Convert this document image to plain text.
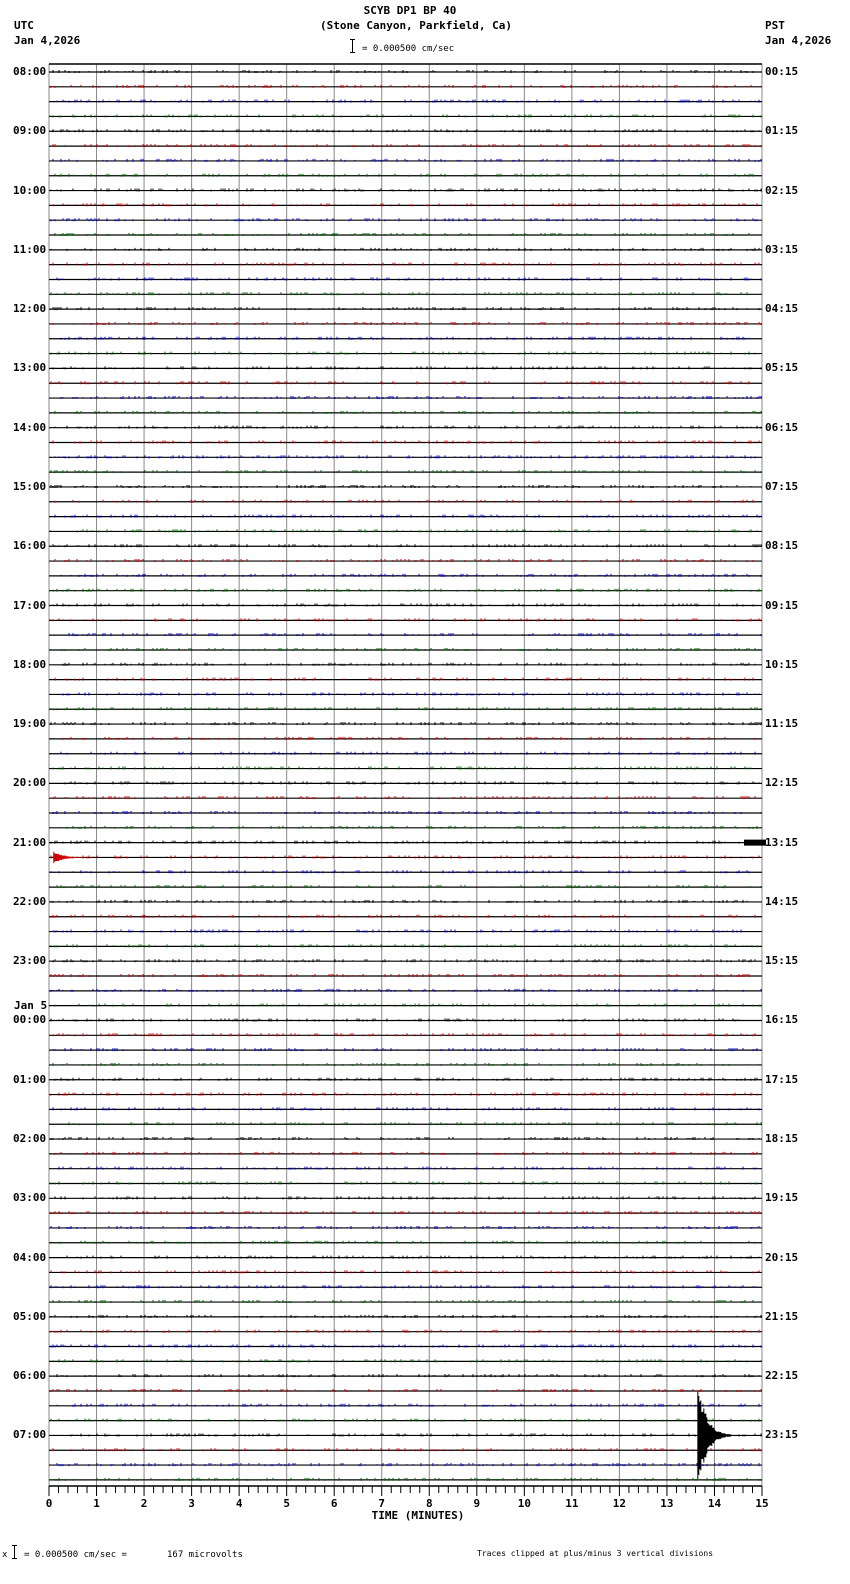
SCYB DP1 BP 40
(Stone Canyon, Parkfield, Ca)
UTC
Jan 4,2026
PST
Jan 4,2026
= 0.000500 cm/sec
08:00
09:00
10:00
11:00
12:00
13:00
14:00
15:00
16:00
17:00
18:00
19:00
20:00
21:00
22:00
23:00
Jan 5
00:00
01:00
02:00
03:00
04:00
05:00
06:00
07:00
00:15
01:15
02:15
03:15
04:15
05:15
06:15
07:15
08:15
09:15
10:15
11:15
12:15
13:15
14:15
15:15
16:15
17:15
18:15
19:15
20:15
21:15
22:15
23:15
0	1	2	3	4	5	6	7	8	9	10	11	12	13	14	15
TIME (MINUTES)
x = 0.000500 cm/sec =	167 microvolts	Traces clipped at plus/minus 3 vertical divisions
